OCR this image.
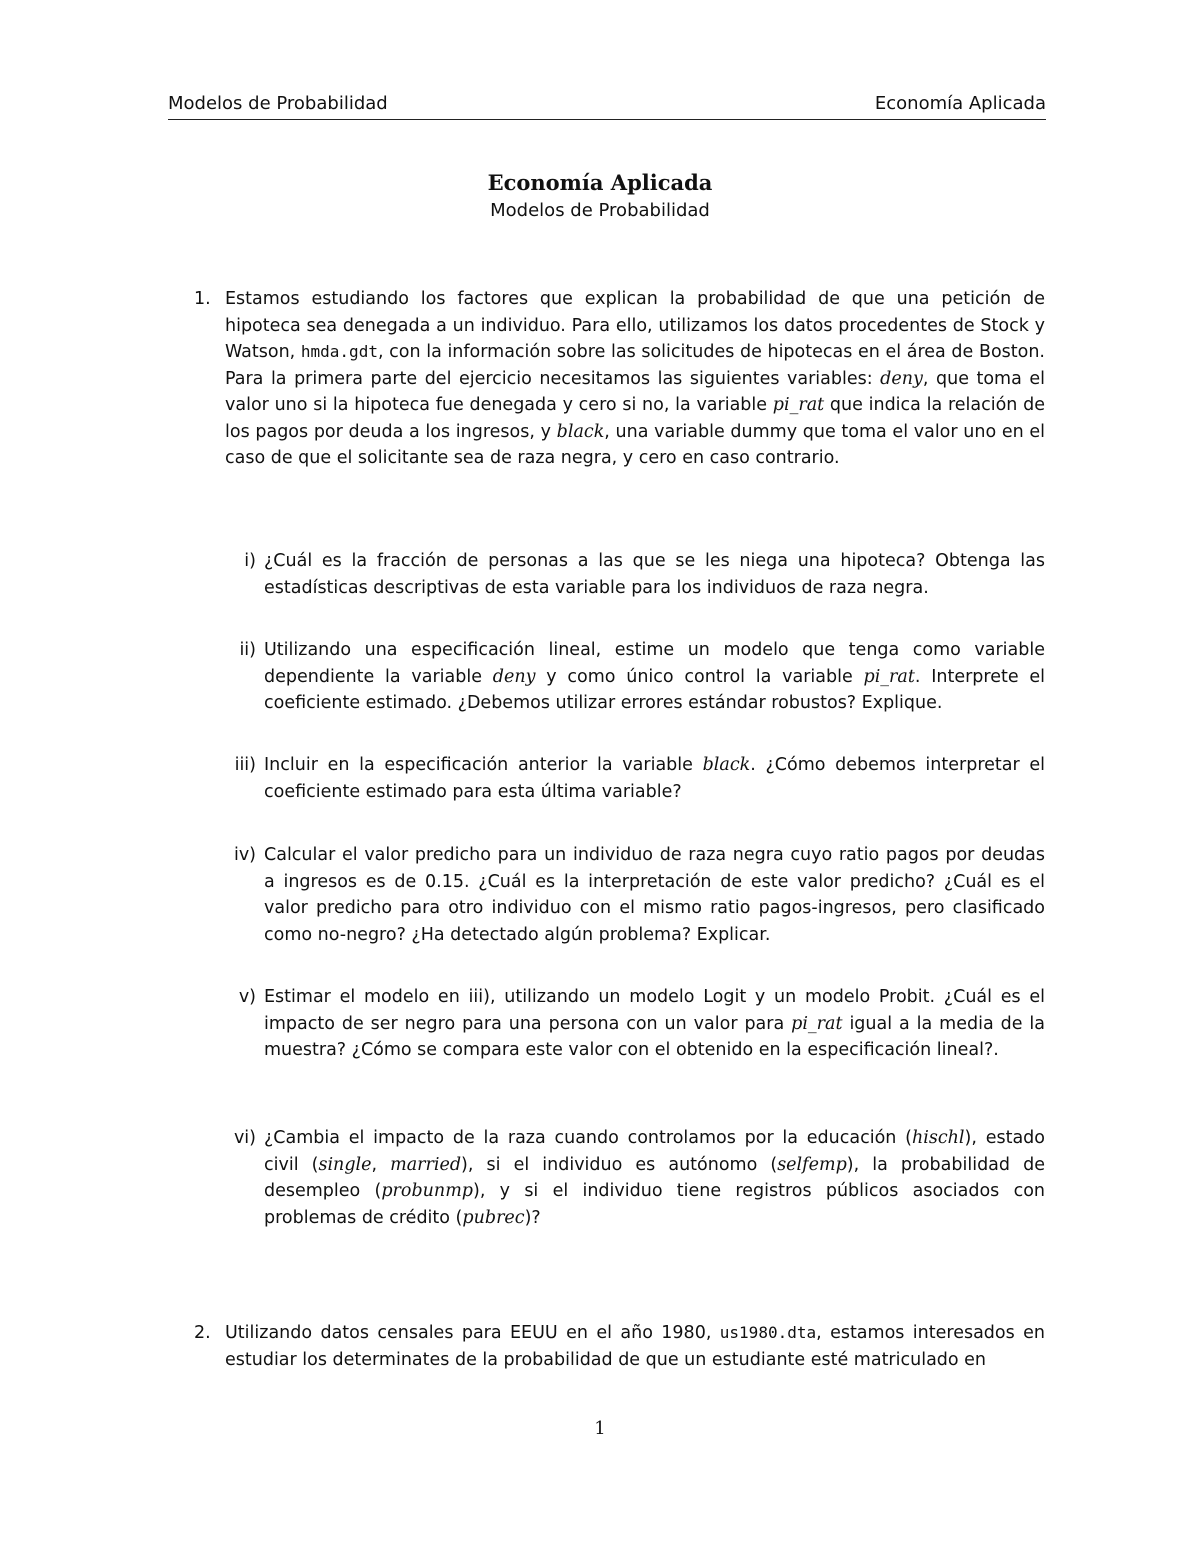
Modelos de Probabilidad	Economía Aplicada
Economía Aplicada
Modelos de Probabilidad
1. Estamos estudiando los factores que explican la probabilidad de que una petición de hipoteca sea denegada a un individuo. Para ello, utilizamos los datos procedentes de Stock y Watson, hmda.gdt, con la información sobre las solicitudes de hipotecas en el área de Boston. Para la primera parte del ejercicio necesitamos las siguientes variables: deny, que toma el valor uno si la hipoteca fue denegada y cero si no, la variable pi_rat que indica la relación de los pagos por deuda a los ingresos, y black, una variable dummy que toma el valor uno en el caso de que el solicitante sea de raza negra, y cero en caso contrario.
i) ¿Cuál es la fracción de personas a las que se les niega una hipoteca? Obtenga las estadísticas descriptivas de esta variable para los individuos de raza negra.
ii) Utilizando una especificación lineal, estime un modelo que tenga como variable dependiente la variable deny y como único control la variable pi_rat. Interprete el coeficiente estimado. ¿Debemos utilizar errores estándar robustos? Explique.
iii) Incluir en la especificación anterior la variable black. ¿Cómo debemos interpretar el coeficiente estimado para esta última variable?
iv) Calcular el valor predicho para un individuo de raza negra cuyo ratio pagos por deudas a ingresos es de 0.15. ¿Cuál es la interpretación de este valor predicho? ¿Cuál es el valor predicho para otro individuo con el mismo ratio pagos-ingresos, pero clasificado como no-negro? ¿Ha detectado algún problema? Explicar.
v) Estimar el modelo en iii), utilizando un modelo Logit y un modelo Probit. ¿Cuál es el impacto de ser negro para una persona con un valor para pi_rat igual a la media de la muestra? ¿Cómo se compara este valor con el obtenido en la especificación lineal?.
vi) ¿Cambia el impacto de la raza cuando controlamos por la educación (hischl), estado civil (single, married), si el individuo es autónomo (selfemp), la probabilidad de desempleo (probunmp), y si el individuo tiene registros públicos asociados con problemas de crédito (pubrec)?
2. Utilizando datos censales para EEUU en el año 1980, us1980.dta, estamos interesados en estudiar los determinates de la probabilidad de que un estudiante esté matriculado en
1
